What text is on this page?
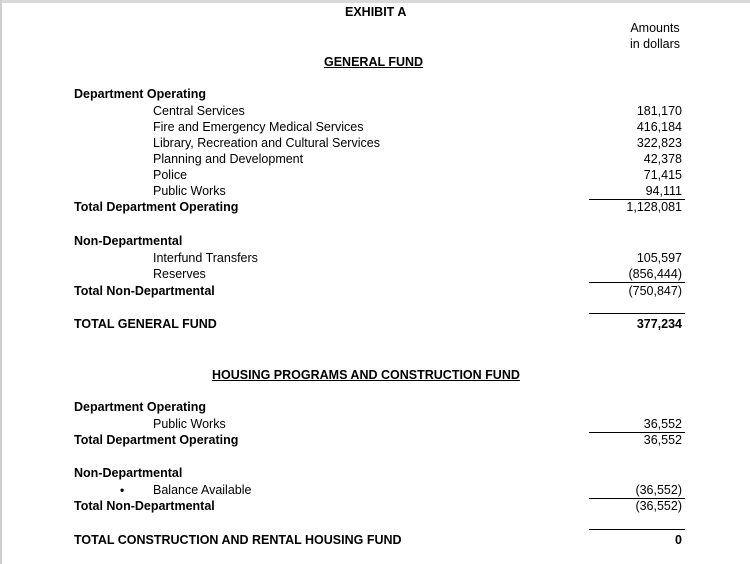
EXHIBIT A
Amounts
in dollars
GENERAL FUND
Department Operating
Central Services	181,170
Fire and Emergency Medical Services	416,184
Library, Recreation and Cultural Services	322,823
Planning and Development	42,378
Police	71,415
Public Works	94,111
Total Department Operating	1,128,081
Non-Departmental
Interfund Transfers	105,597
Reserves	(856,444)
Total Non-Departmental	(750,847)
TOTAL GENERAL FUND	377,234
HOUSING PROGRAMS AND CONSTRUCTION FUND
Department Operating
Public Works	36,552
Total Department Operating	36,552
Non-Departmental
• Balance Available	(36,552)
Total Non-Departmental	(36,552)
TOTAL CONSTRUCTION AND RENTAL HOUSING FUND	0
